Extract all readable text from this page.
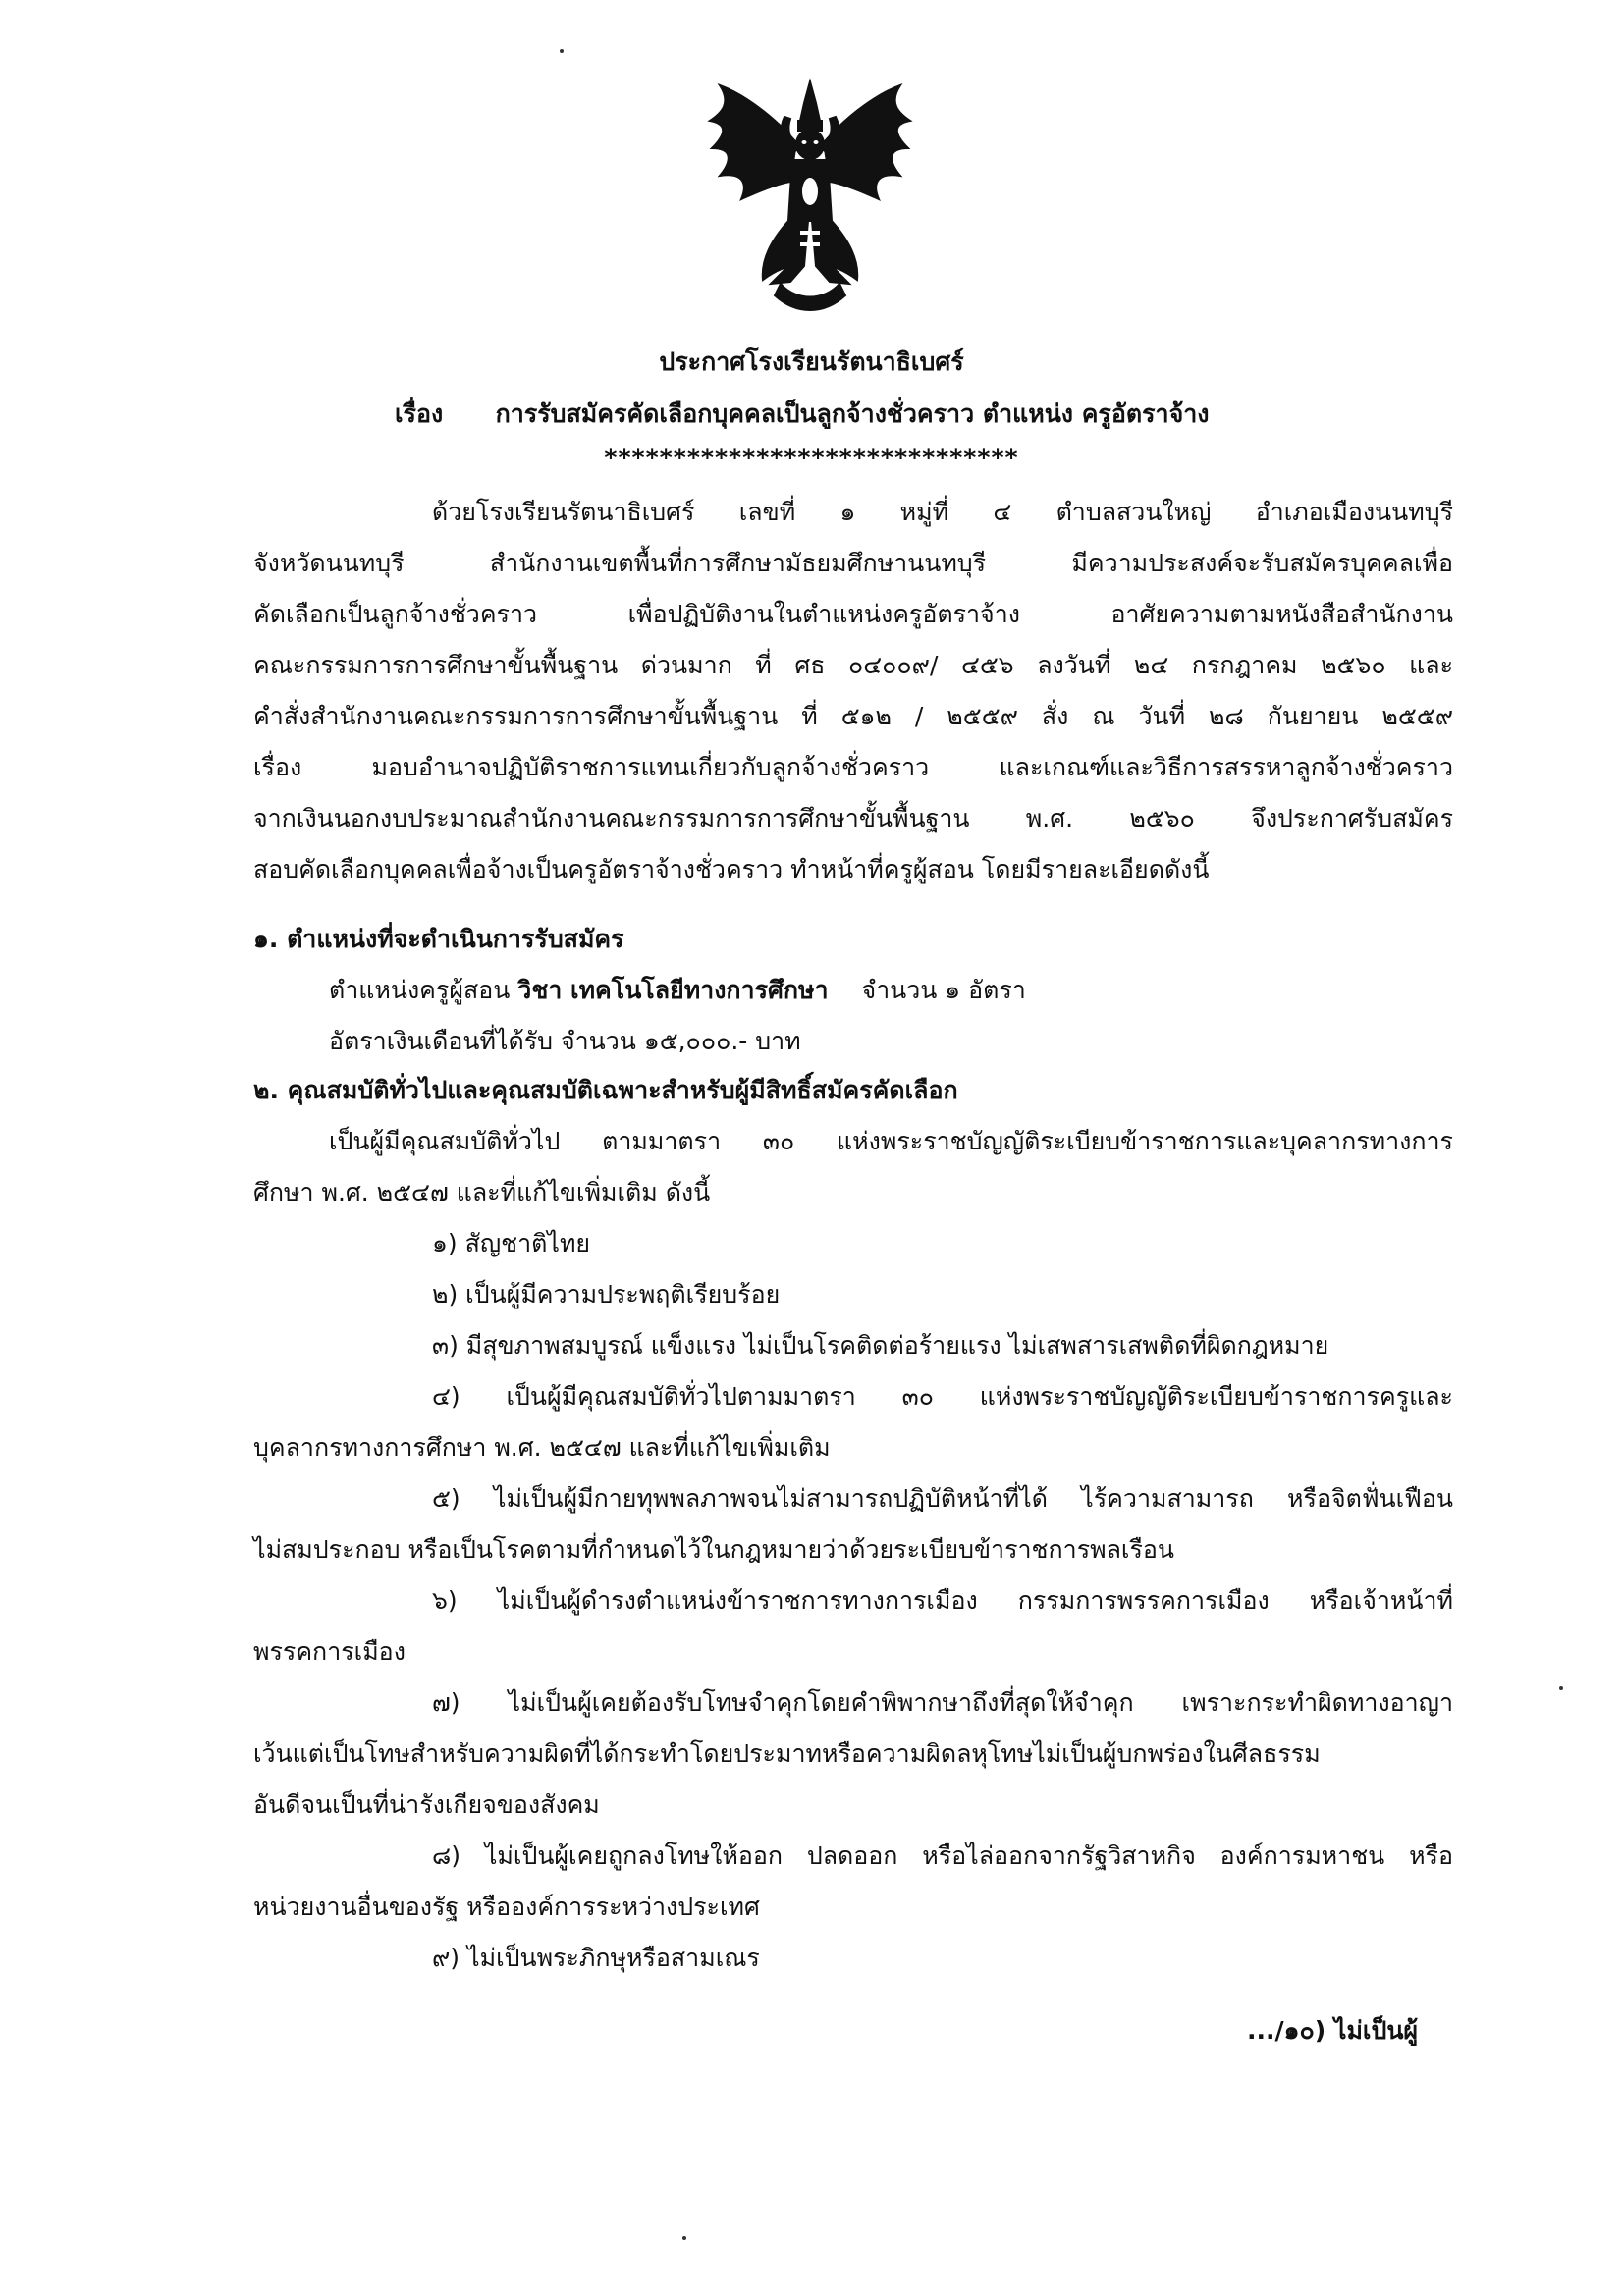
ประกาศโรงเรียนรัตนาธิเบศร์
เรื่อง การรับสมัครคัดเลือกบุคคลเป็นลูกจ้างชั่วคราว ตำแหน่ง ครูอัตราจ้าง
******************************
ด้วยโรงเรียนรัตนาธิเบศร์ เลขที่ ๑ หมู่ที่ ๔ ตำบลสวนใหญ่ อำเภอเมืองนนทบุรี
จังหวัดนนทบุรี สำนักงานเขตพื้นที่การศึกษามัธยมศึกษานนทบุรี มีความประสงค์จะรับสมัครบุคคลเพื่อ
คัดเลือกเป็นลูกจ้างชั่วคราว เพื่อปฏิบัติงานในตำแหน่งครูอัตราจ้าง อาศัยความตามหนังสือสำนักงาน
คณะกรรมการการศึกษาขั้นพื้นฐาน ด่วนมาก ที่ ศธ ๐๔๐๐๙/ ๔๕๖ ลงวันที่ ๒๔ กรกฎาคม ๒๕๖๐ และ
คำสั่งสำนักงานคณะกรรมการการศึกษาขั้นพื้นฐาน ที่ ๕๑๒ / ๒๕๕๙ สั่ง ณ วันที่ ๒๘ กันยายน ๒๕๕๙
เรื่อง มอบอำนาจปฏิบัติราชการแทนเกี่ยวกับลูกจ้างชั่วคราว และเกณฑ์และวิธีการสรรหาลูกจ้างชั่วคราว
จากเงินนอกงบประมาณสำนักงานคณะกรรมการการศึกษาขั้นพื้นฐาน พ.ศ. ๒๕๖๐ จึงประกาศรับสมัคร
สอบคัดเลือกบุคคลเพื่อจ้างเป็นครูอัตราจ้างชั่วคราว ทำหน้าที่ครูผู้สอน โดยมีรายละเอียดดังนี้
๑. ตำแหน่งที่จะดำเนินการรับสมัคร
ตำแหน่งครูผู้สอน วิชา เทคโนโลยีทางการศึกษา จำนวน ๑ อัตรา
อัตราเงินเดือนที่ได้รับ จำนวน ๑๕,๐๐๐.- บาท
๒. คุณสมบัติทั่วไปและคุณสมบัติเฉพาะสำหรับผู้มีสิทธิ์สมัครคัดเลือก
เป็นผู้มีคุณสมบัติทั่วไป ตามมาตรา ๓๐ แห่งพระราชบัญญัติระเบียบข้าราชการและบุคลากรทางการ
ศึกษา พ.ศ. ๒๕๔๗ และที่แก้ไขเพิ่มเติม ดังนี้
๑) สัญชาติไทย
๒) เป็นผู้มีความประพฤติเรียบร้อย
๓) มีสุขภาพสมบูรณ์ แข็งแรง ไม่เป็นโรคติดต่อร้ายแรง ไม่เสพสารเสพติดที่ผิดกฎหมาย
๔) เป็นผู้มีคุณสมบัติทั่วไปตามมาตรา ๓๐ แห่งพระราชบัญญัติระเบียบข้าราชการครูและ
บุคลากรทางการศึกษา พ.ศ. ๒๕๔๗ และที่แก้ไขเพิ่มเติม
๕) ไม่เป็นผู้มีกายทุพพลภาพจนไม่สามารถปฏิบัติหน้าที่ได้ ไร้ความสามารถ หรือจิตฟั่นเฟือน
ไม่สมประกอบ หรือเป็นโรคตามที่กำหนดไว้ในกฎหมายว่าด้วยระเบียบข้าราชการพลเรือน
๖) ไม่เป็นผู้ดำรงตำแหน่งข้าราชการทางการเมือง กรรมการพรรคการเมือง หรือเจ้าหน้าที่
พรรคการเมือง
๗) ไม่เป็นผู้เคยต้องรับโทษจำคุกโดยคำพิพากษาถึงที่สุดให้จำคุก เพราะกระทำผิดทางอาญา
เว้นแต่เป็นโทษสำหรับความผิดที่ได้กระทำโดยประมาทหรือความผิดลหุโทษไม่เป็นผู้บกพร่องในศีลธรรม
อันดีจนเป็นที่น่ารังเกียจของสังคม
๘) ไม่เป็นผู้เคยถูกลงโทษให้ออก ปลดออก หรือไล่ออกจากรัฐวิสาหกิจ องค์การมหาชน หรือ
หน่วยงานอื่นของรัฐ หรือองค์การระหว่างประเทศ
๙) ไม่เป็นพระภิกษุหรือสามเณร
.../๑๐) ไม่เป็นผู้
